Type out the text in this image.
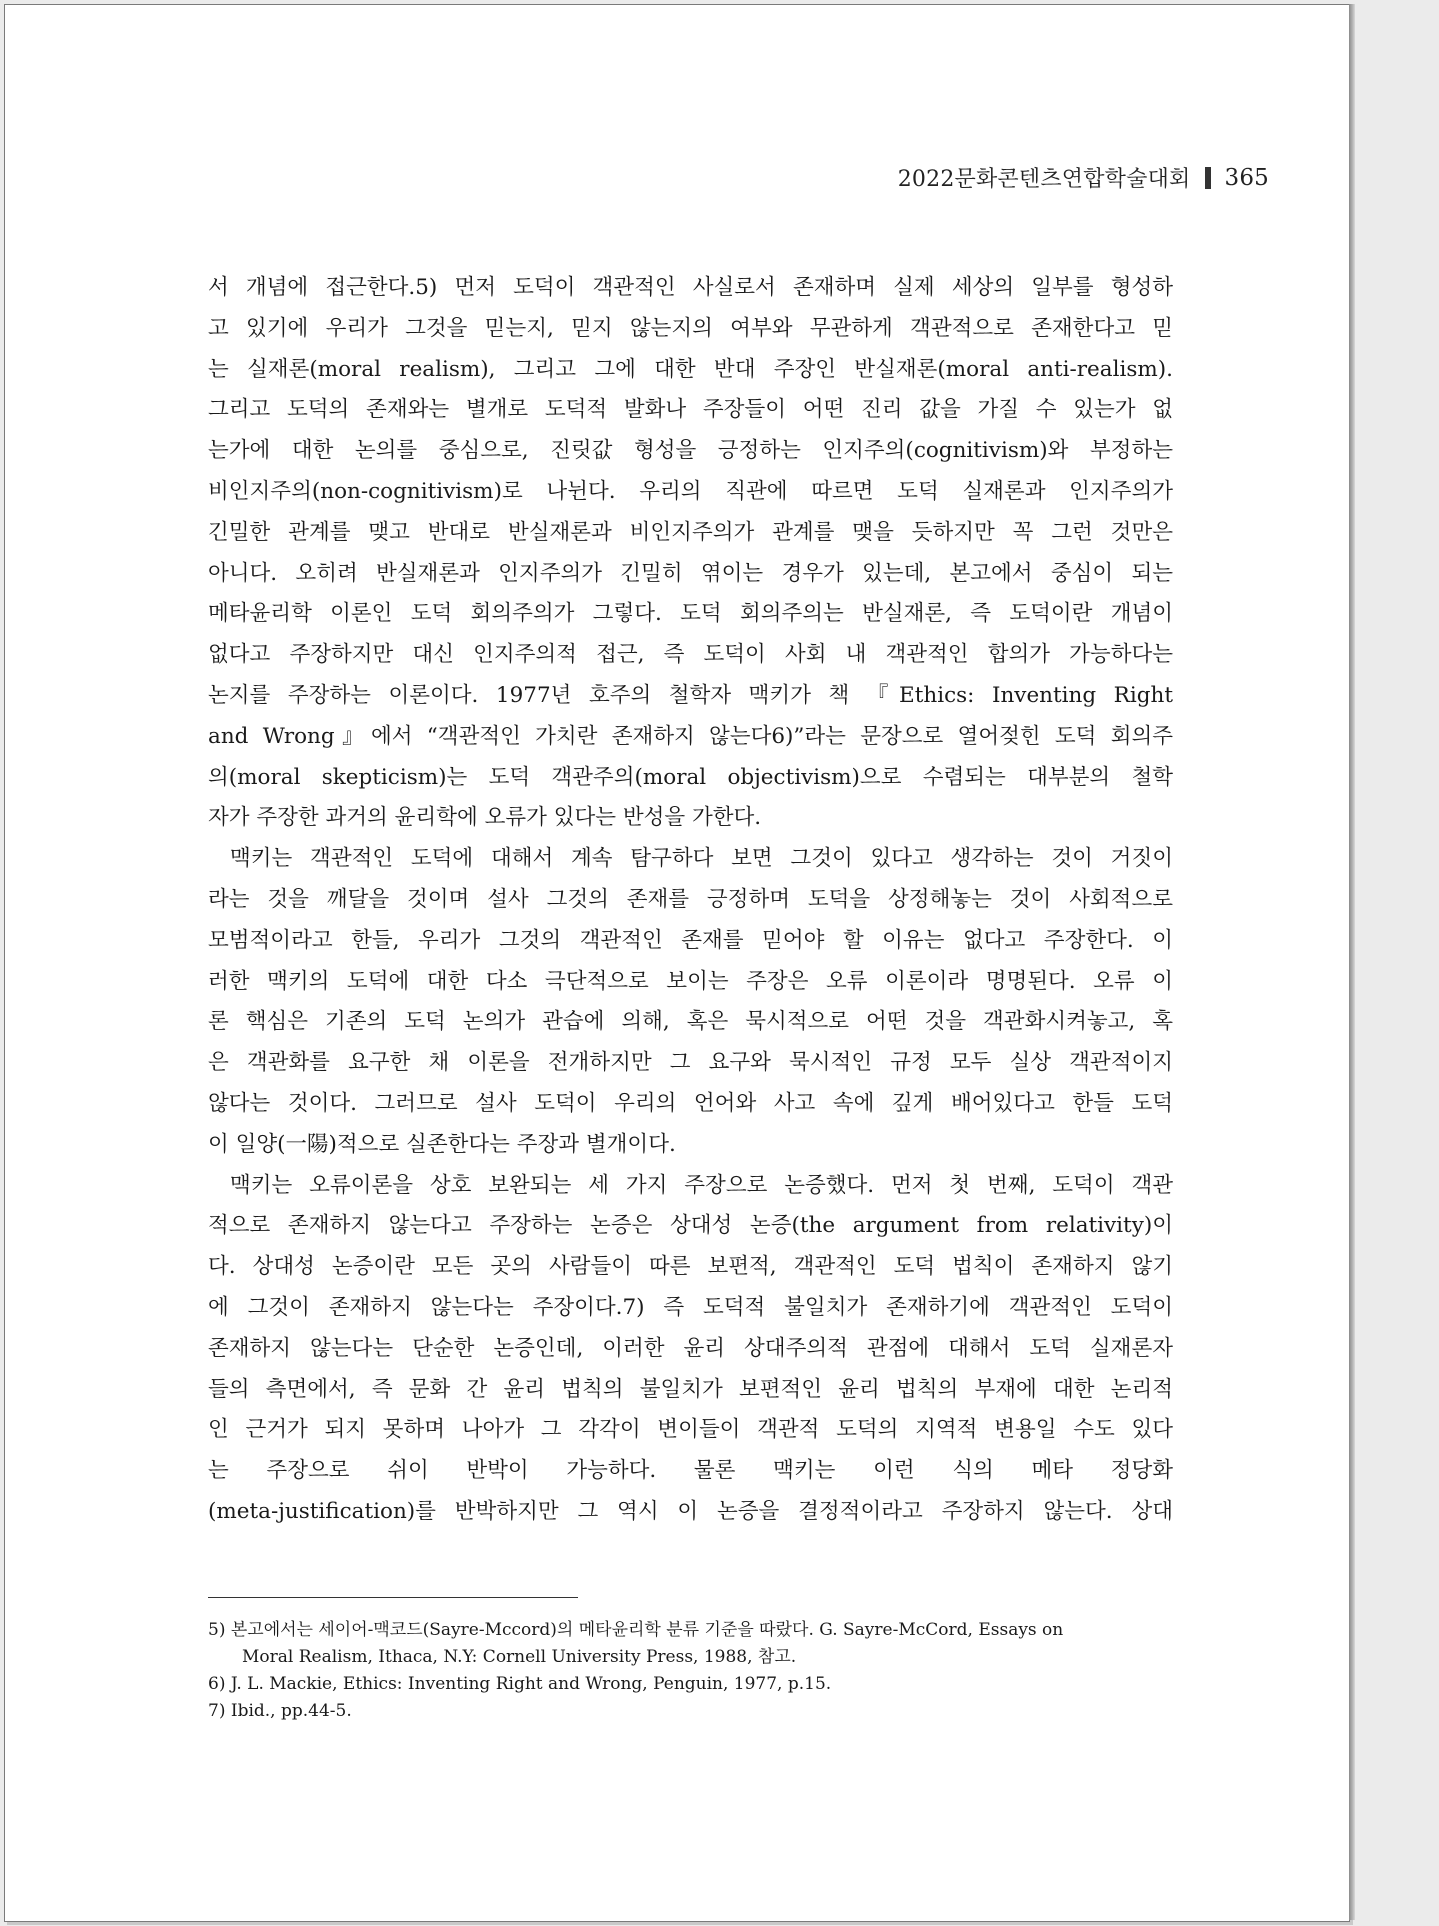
2022문화콘텐츠연합학술대회 365
서 개념에 접근한다.5) 먼저 도덕이 객관적인 사실로서 존재하며 실제 세상의 일부를 형성하
고 있기에 우리가 그것을 믿는지, 믿지 않는지의 여부와 무관하게 객관적으로 존재한다고 믿
는 실재론(moral realism), 그리고 그에 대한 반대 주장인 반실재론(moral anti-realism).
그리고 도덕의 존재와는 별개로 도덕적 발화나 주장들이 어떤 진리 값을 가질 수 있는가 없
는가에 대한 논의를 중심으로, 진릿값 형성을 긍정하는 인지주의(cognitivism)와 부정하는
비인지주의(non-cognitivism)로 나뉜다. 우리의 직관에 따르면 도덕 실재론과 인지주의가
긴밀한 관계를 맺고 반대로 반실재론과 비인지주의가 관계를 맺을 듯하지만 꼭 그런 것만은
아니다. 오히려 반실재론과 인지주의가 긴밀히 엮이는 경우가 있는데, 본고에서 중심이 되는
메타윤리학 이론인 도덕 회의주의가 그렇다. 도덕 회의주의는 반실재론, 즉 도덕이란 개념이
없다고 주장하지만 대신 인지주의적 접근, 즉 도덕이 사회 내 객관적인 합의가 가능하다는
논지를 주장하는 이론이다. 1977년 호주의 철학자 맥키가 책 『Ethics: Inventing Right
and Wrong』에서 “객관적인 가치란 존재하지 않는다6)”라는 문장으로 열어젖힌 도덕 회의주
의(moral skepticism)는 도덕 객관주의(moral objectivism)으로 수렴되는 대부분의 철학
자가 주장한 과거의 윤리학에 오류가 있다는 반성을 가한다.
맥키는 객관적인 도덕에 대해서 계속 탐구하다 보면 그것이 있다고 생각하는 것이 거짓이
라는 것을 깨달을 것이며 설사 그것의 존재를 긍정하며 도덕을 상정해놓는 것이 사회적으로
모범적이라고 한들, 우리가 그것의 객관적인 존재를 믿어야 할 이유는 없다고 주장한다. 이
러한 맥키의 도덕에 대한 다소 극단적으로 보이는 주장은 오류 이론이라 명명된다. 오류 이
론 핵심은 기존의 도덕 논의가 관습에 의해, 혹은 묵시적으로 어떤 것을 객관화시켜놓고, 혹
은 객관화를 요구한 채 이론을 전개하지만 그 요구와 묵시적인 규정 모두 실상 객관적이지
않다는 것이다. 그러므로 설사 도덕이 우리의 언어와 사고 속에 깊게 배어있다고 한들 도덕
이 일양(一陽)적으로 실존한다는 주장과 별개이다.
맥키는 오류이론을 상호 보완되는 세 가지 주장으로 논증했다. 먼저 첫 번째, 도덕이 객관
적으로 존재하지 않는다고 주장하는 논증은 상대성 논증(the argument from relativity)이
다. 상대성 논증이란 모든 곳의 사람들이 따른 보편적, 객관적인 도덕 법칙이 존재하지 않기
에 그것이 존재하지 않는다는 주장이다.7) 즉 도덕적 불일치가 존재하기에 객관적인 도덕이
존재하지 않는다는 단순한 논증인데, 이러한 윤리 상대주의적 관점에 대해서 도덕 실재론자
들의 측면에서, 즉 문화 간 윤리 법칙의 불일치가 보편적인 윤리 법칙의 부재에 대한 논리적
인 근거가 되지 못하며 나아가 그 각각이 변이들이 객관적 도덕의 지역적 변용일 수도 있다
는 주장으로 쉬이 반박이 가능하다. 물론 맥키는 이런 식의 메타 정당화
(meta-justification)를 반박하지만 그 역시 이 논증을 결정적이라고 주장하지 않는다. 상대
5) 본고에서는 세이어-맥코드(Sayre-Mccord)의 메타윤리학 분류 기준을 따랐다. G. Sayre-McCord, Essays on
Moral Realism, Ithaca, N.Y: Cornell University Press, 1988, 참고.
6) J. L. Mackie, Ethics: Inventing Right and Wrong, Penguin, 1977, p.15.
7) Ibid., pp.44-5.
